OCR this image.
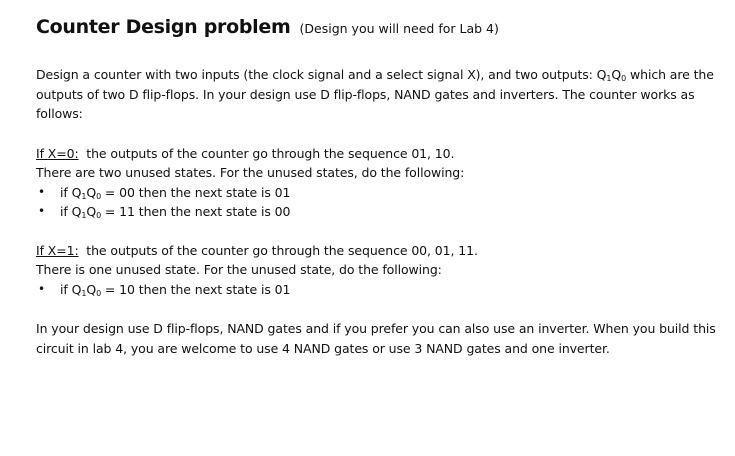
Counter Design problem (Design you will need for Lab 4)

Design a counter with two inputs (the clock signal and a select signal X), and two outputs: $Q_1Q_0$ which are the outputs of two D flip-flops. In your design use D flip-flops, NAND gates and inverters. The counter works as follows:

If X=0:  the outputs of the counter go through the sequence 01, 10.

There are two unused states. For the unused states, do the following:

• if $Q_1Q_0 = 00$ then the next state is 01
• if $Q_1Q_0 = 11$ then the next state is 00

If X=1:  the outputs of the counter go through the sequence 00, 01, 11.

There is one unused state. For the unused state, do the following:

• if $Q_1Q_0 = 10$ then the next state is 01

In your design use D flip-flops, NAND gates and if you prefer you can also use an inverter. When you build this circuit in lab 4, you are welcome to use 4 NAND gates or use 3 NAND gates and one inverter.
